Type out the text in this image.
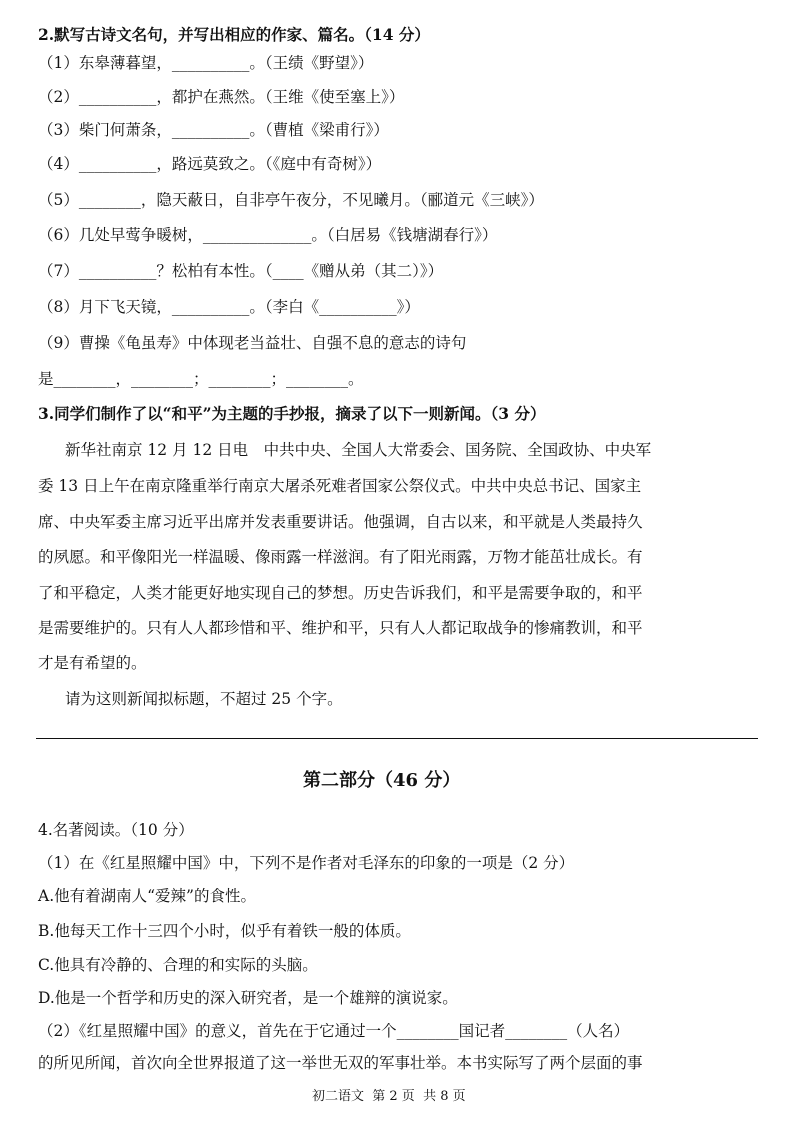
2.默写古诗文名句，并写出相应的作家、篇名。（14 分）
（1）东皋薄暮望，__________。（王绩《野望》）
（2）__________，都护在燕然。（王维《使至塞上》）
（3）柴门何萧条，__________。（曹植《梁甫行》）
（4）__________，路远莫致之。（《庭中有奇树》）
（5）________，隐天蔽日，自非亭午夜分，不见曦月。（郦道元《三峡》）
（6）几处早莺争暖树，______________。（白居易《钱塘湖春行》）
（7）__________？松柏有本性。（____《赠从弟（其二）》）
（8）月下飞天镜，__________。（李白《__________》）
（9）曹操《龟虽寿》中体现老当益壮、自强不息的意志的诗句
是________，________；________；________。
3.同学们制作了以“和平”为主题的手抄报，摘录了以下一则新闻。（3 分）
新华社南京 12 月 12 日电　中共中央、全国人大常委会、国务院、全国政协、中央军
委 13 日上午在南京隆重举行南京大屠杀死难者国家公祭仪式。中共中央总书记、国家主
席、中央军委主席习近平出席并发表重要讲话。他强调，自古以来，和平就是人类最持久
的夙愿。和平像阳光一样温暖、像雨露一样滋润。有了阳光雨露，万物才能茁壮成长。有
了和平稳定，人类才能更好地实现自己的梦想。历史告诉我们，和平是需要争取的，和平
是需要维护的。只有人人都珍惜和平、维护和平，只有人人都记取战争的惨痛教训，和平
才是有希望的。
请为这则新闻拟标题，不超过 25 个字。
第二部分（46 分）
4.名著阅读。（10 分）
（1）在《红星照耀中国》中，下列不是作者对毛泽东的印象的一项是（2 分）
A.他有着湖南人“爱辣”的食性。
B.他每天工作十三四个小时，似乎有着铁一般的体质。
C.他具有冷静的、合理的和实际的头脑。
D.他是一个哲学和历史的深入研究者，是一个雄辩的演说家。
（2）《红星照耀中国》的意义，首先在于它通过一个________国记者________（人名）
的所见所闻，首次向全世界报道了这一举世无双的军事壮举。本书实际写了两个层面的事
初二语文  第 2 页  共 8 页
